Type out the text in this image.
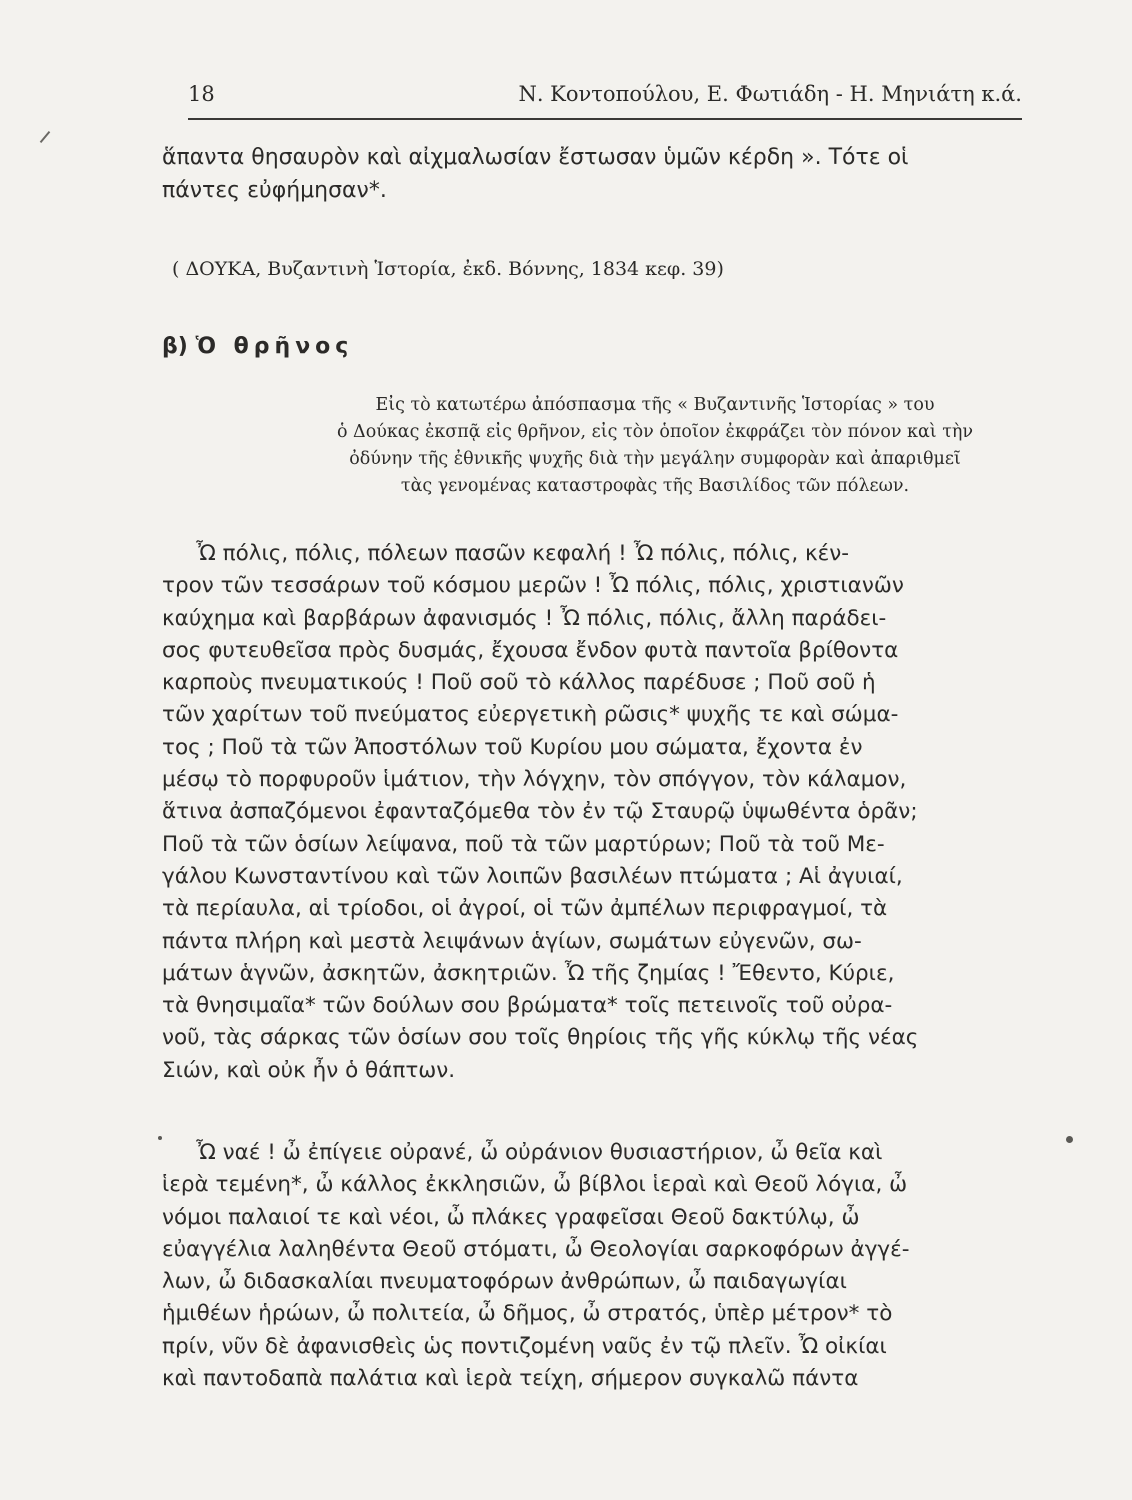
18	Ν. Κοντοπούλου, Ε. Φωτιάδη - Η. Μηνιάτη κ.ά.
ἅπαντα θησαυρὸν καὶ αἰχμαλωσίαν ἔστωσαν ὑμῶν κέρδη ». Τότε οἱ
πάντες εὐφήμησαν*.
( ΔΟΥΚΑ, Βυζαντινὴ Ἱστορία, ἐκδ. Βόννης, 1834 κεφ. 39)
β) Ὁ θρῆνος
Εἰς τὸ κατωτέρω ἀπόσπασμα τῆς « Βυζαντινῆς Ἱστορίας » του
ὁ Δούκας ἐκσπᾷ εἰς θρῆνον, εἰς τὸν ὁποῖον ἐκφράζει τὸν πόνον καὶ τὴν
ὀδύνην τῆς ἐθνικῆς ψυχῆς διὰ τὴν μεγάλην συμφορὰν καὶ ἀπαριθμεῖ
τὰς γενομένας καταστροφὰς τῆς Βασιλίδος τῶν πόλεων.
Ὦ πόλις, πόλις, πόλεων πασῶν κεφαλή ! Ὦ πόλις, πόλις, κέν-
τρον τῶν τεσσάρων τοῦ κόσμου μερῶν ! Ὦ πόλις, πόλις, χριστιανῶν
καύχημα καὶ βαρβάρων ἀφανισμός ! Ὦ πόλις, πόλις, ἄλλη παράδει-
σος φυτευθεῖσα πρὸς δυσμάς, ἔχουσα ἔνδον φυτὰ παντοῖα βρίθοντα
καρποὺς πνευματικούς ! Ποῦ σοῦ τὸ κάλλος παρέδυσε ; Ποῦ σοῦ ἡ
τῶν χαρίτων τοῦ πνεύματος εὐεργετικὴ ρῶσις* ψυχῆς τε καὶ σώμα-
τος ; Ποῦ τὰ τῶν Ἀποστόλων τοῦ Κυρίου μου σώματα, ἔχοντα ἐν
μέσῳ τὸ πορφυροῦν ἱμάτιον, τὴν λόγχην, τὸν σπόγγον, τὸν κάλαμον,
ἅτινα ἀσπαζόμενοι ἐφανταζόμεθα τὸν ἐν τῷ Σταυρῷ ὑψωθέντα ὁρᾶν;
Ποῦ τὰ τῶν ὁσίων λείψανα, ποῦ τὰ τῶν μαρτύρων; Ποῦ τὰ τοῦ Με-
γάλου Κωνσταντίνου καὶ τῶν λοιπῶν βασιλέων πτώματα ; Αἱ ἀγυιαί,
τὰ περίαυλα, αἱ τρίοδοι, οἱ ἀγροί, οἱ τῶν ἀμπέλων περιφραγμοί, τὰ
πάντα πλήρη καὶ μεστὰ λειψάνων ἁγίων, σωμάτων εὐγενῶν, σω-
μάτων ἁγνῶν, ἀσκητῶν, ἀσκητριῶν. Ὦ τῆς ζημίας ! Ἔθεντο, Κύριε,
τὰ θνησιμαῖα* τῶν δούλων σου βρώματα* τοῖς πετεινοῖς τοῦ οὐρα-
νοῦ, τὰς σάρκας τῶν ὁσίων σου τοῖς θηρίοις τῆς γῆς κύκλῳ τῆς νέας
Σιών, καὶ οὐκ ἦν ὁ θάπτων.
Ὦ ναέ ! ὦ ἐπίγειε οὐρανέ, ὦ οὐράνιον θυσιαστήριον, ὦ θεῖα καὶ
ἱερὰ τεμένη*, ὦ κάλλος ἐκκλησιῶν, ὦ βίβλοι ἱεραὶ καὶ Θεοῦ λόγια, ὦ
νόμοι παλαιοί τε καὶ νέοι, ὦ πλάκες γραφεῖσαι Θεοῦ δακτύλῳ, ὦ
εὐαγγέλια λαληθέντα Θεοῦ στόματι, ὦ Θεολογίαι σαρκοφόρων ἀγγέ-
λων, ὦ διδασκαλίαι πνευματοφόρων ἀνθρώπων, ὦ παιδαγωγίαι
ἡμιθέων ἡρώων, ὦ πολιτεία, ὦ δῆμος, ὦ στρατός, ὑπὲρ μέτρον* τὸ
πρίν, νῦν δὲ ἀφανισθεὶς ὡς ποντιζομένη ναῦς ἐν τῷ πλεῖν. Ὦ οἰκίαι
καὶ παντοδαπὰ παλάτια καὶ ἱερὰ τείχη, σήμερον συγκαλῶ πάντα
